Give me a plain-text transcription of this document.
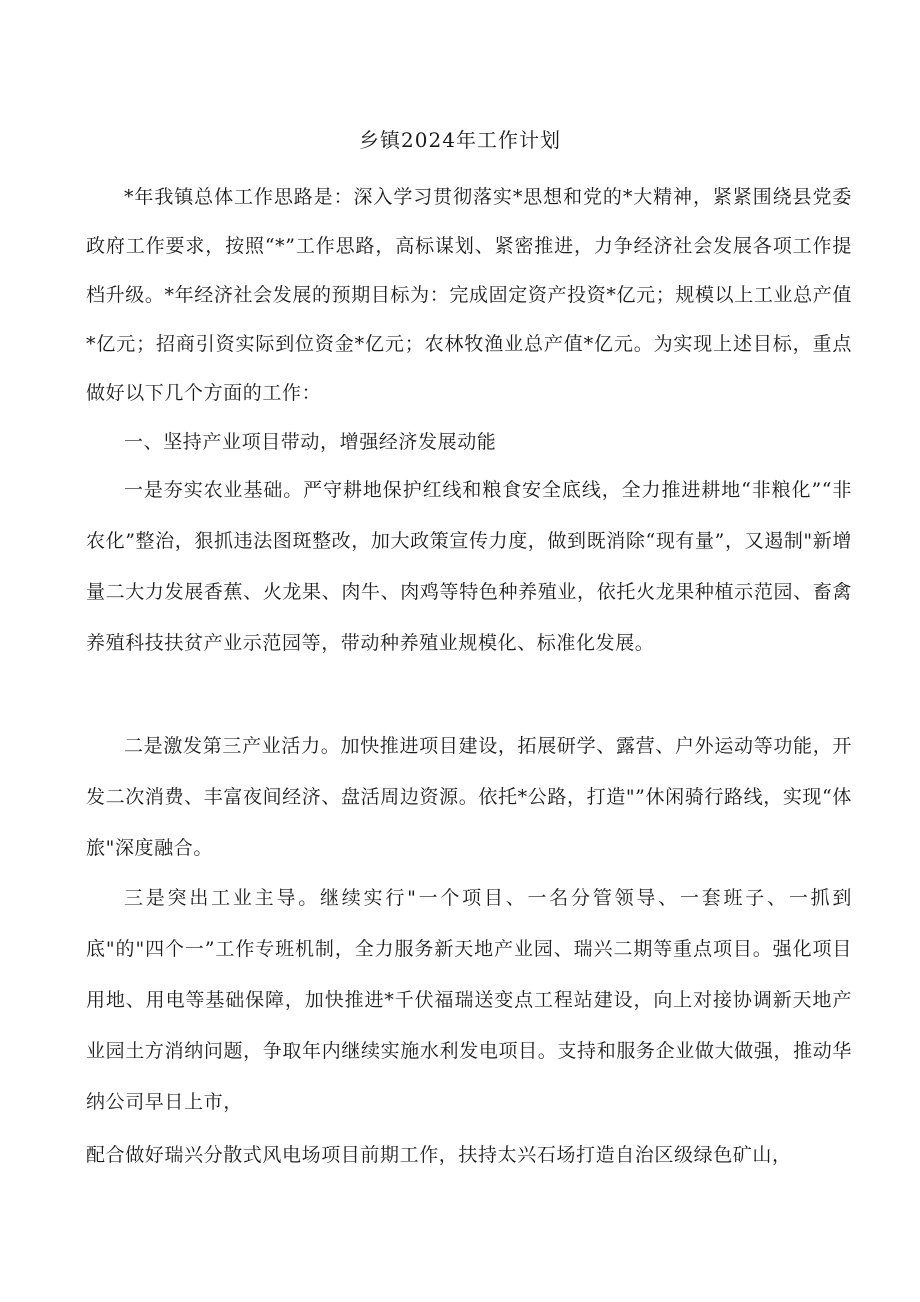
乡镇2024年工作计划

*年我镇总体工作思路是：深入学习贯彻落实*思想和党的*大精神，紧紧围绕县党委政府工作要求，按照“*”工作思路，高标谋划、紧密推进，力争经济社会发展各项工作提档升级。*年经济社会发展的预期目标为：完成固定资产投资*亿元；规模以上工业总产值*亿元；招商引资实际到位资金*亿元；农林牧渔业总产值*亿元。为实现上述目标，重点做好以下几个方面的工作：

一、坚持产业项目带动，增强经济发展动能

一是夯实农业基础。严守耕地保护红线和粮食安全底线，全力推进耕地“非粮化”“非农化”整治，狠抓违法图斑整改，加大政策宣传力度，做到既消除“现有量”，又遏制"新增量二大力发展香蕉、火龙果、肉牛、肉鸡等特色种养殖业，依托火龙果种植示范园、畜禽养殖科技扶贫产业示范园等，带动种养殖业规模化、标准化发展。

二是激发第三产业活力。加快推进项目建设，拓展研学、露营、户外运动等功能，开发二次消费、丰富夜间经济、盘活周边资源。依托*公路，打造"”休闲骑行路线，实现“体旅"深度融合。

三是突出工业主导。继续实行"一个项目、一名分管领导、一套班子、一抓到底"的"四个一”工作专班机制，全力服务新天地产业园、瑞兴二期等重点项目。强化项目用地、用电等基础保障，加快推进*千伏福瑞送变点工程站建设，向上对接协调新天地产业园土方消纳问题，争取年内继续实施水利发电项目。支持和服务企业做大做强，推动华纳公司早日上市，

配合做好瑞兴分散式风电场项目前期工作，扶持太兴石场打造自治区级绿色矿山，
